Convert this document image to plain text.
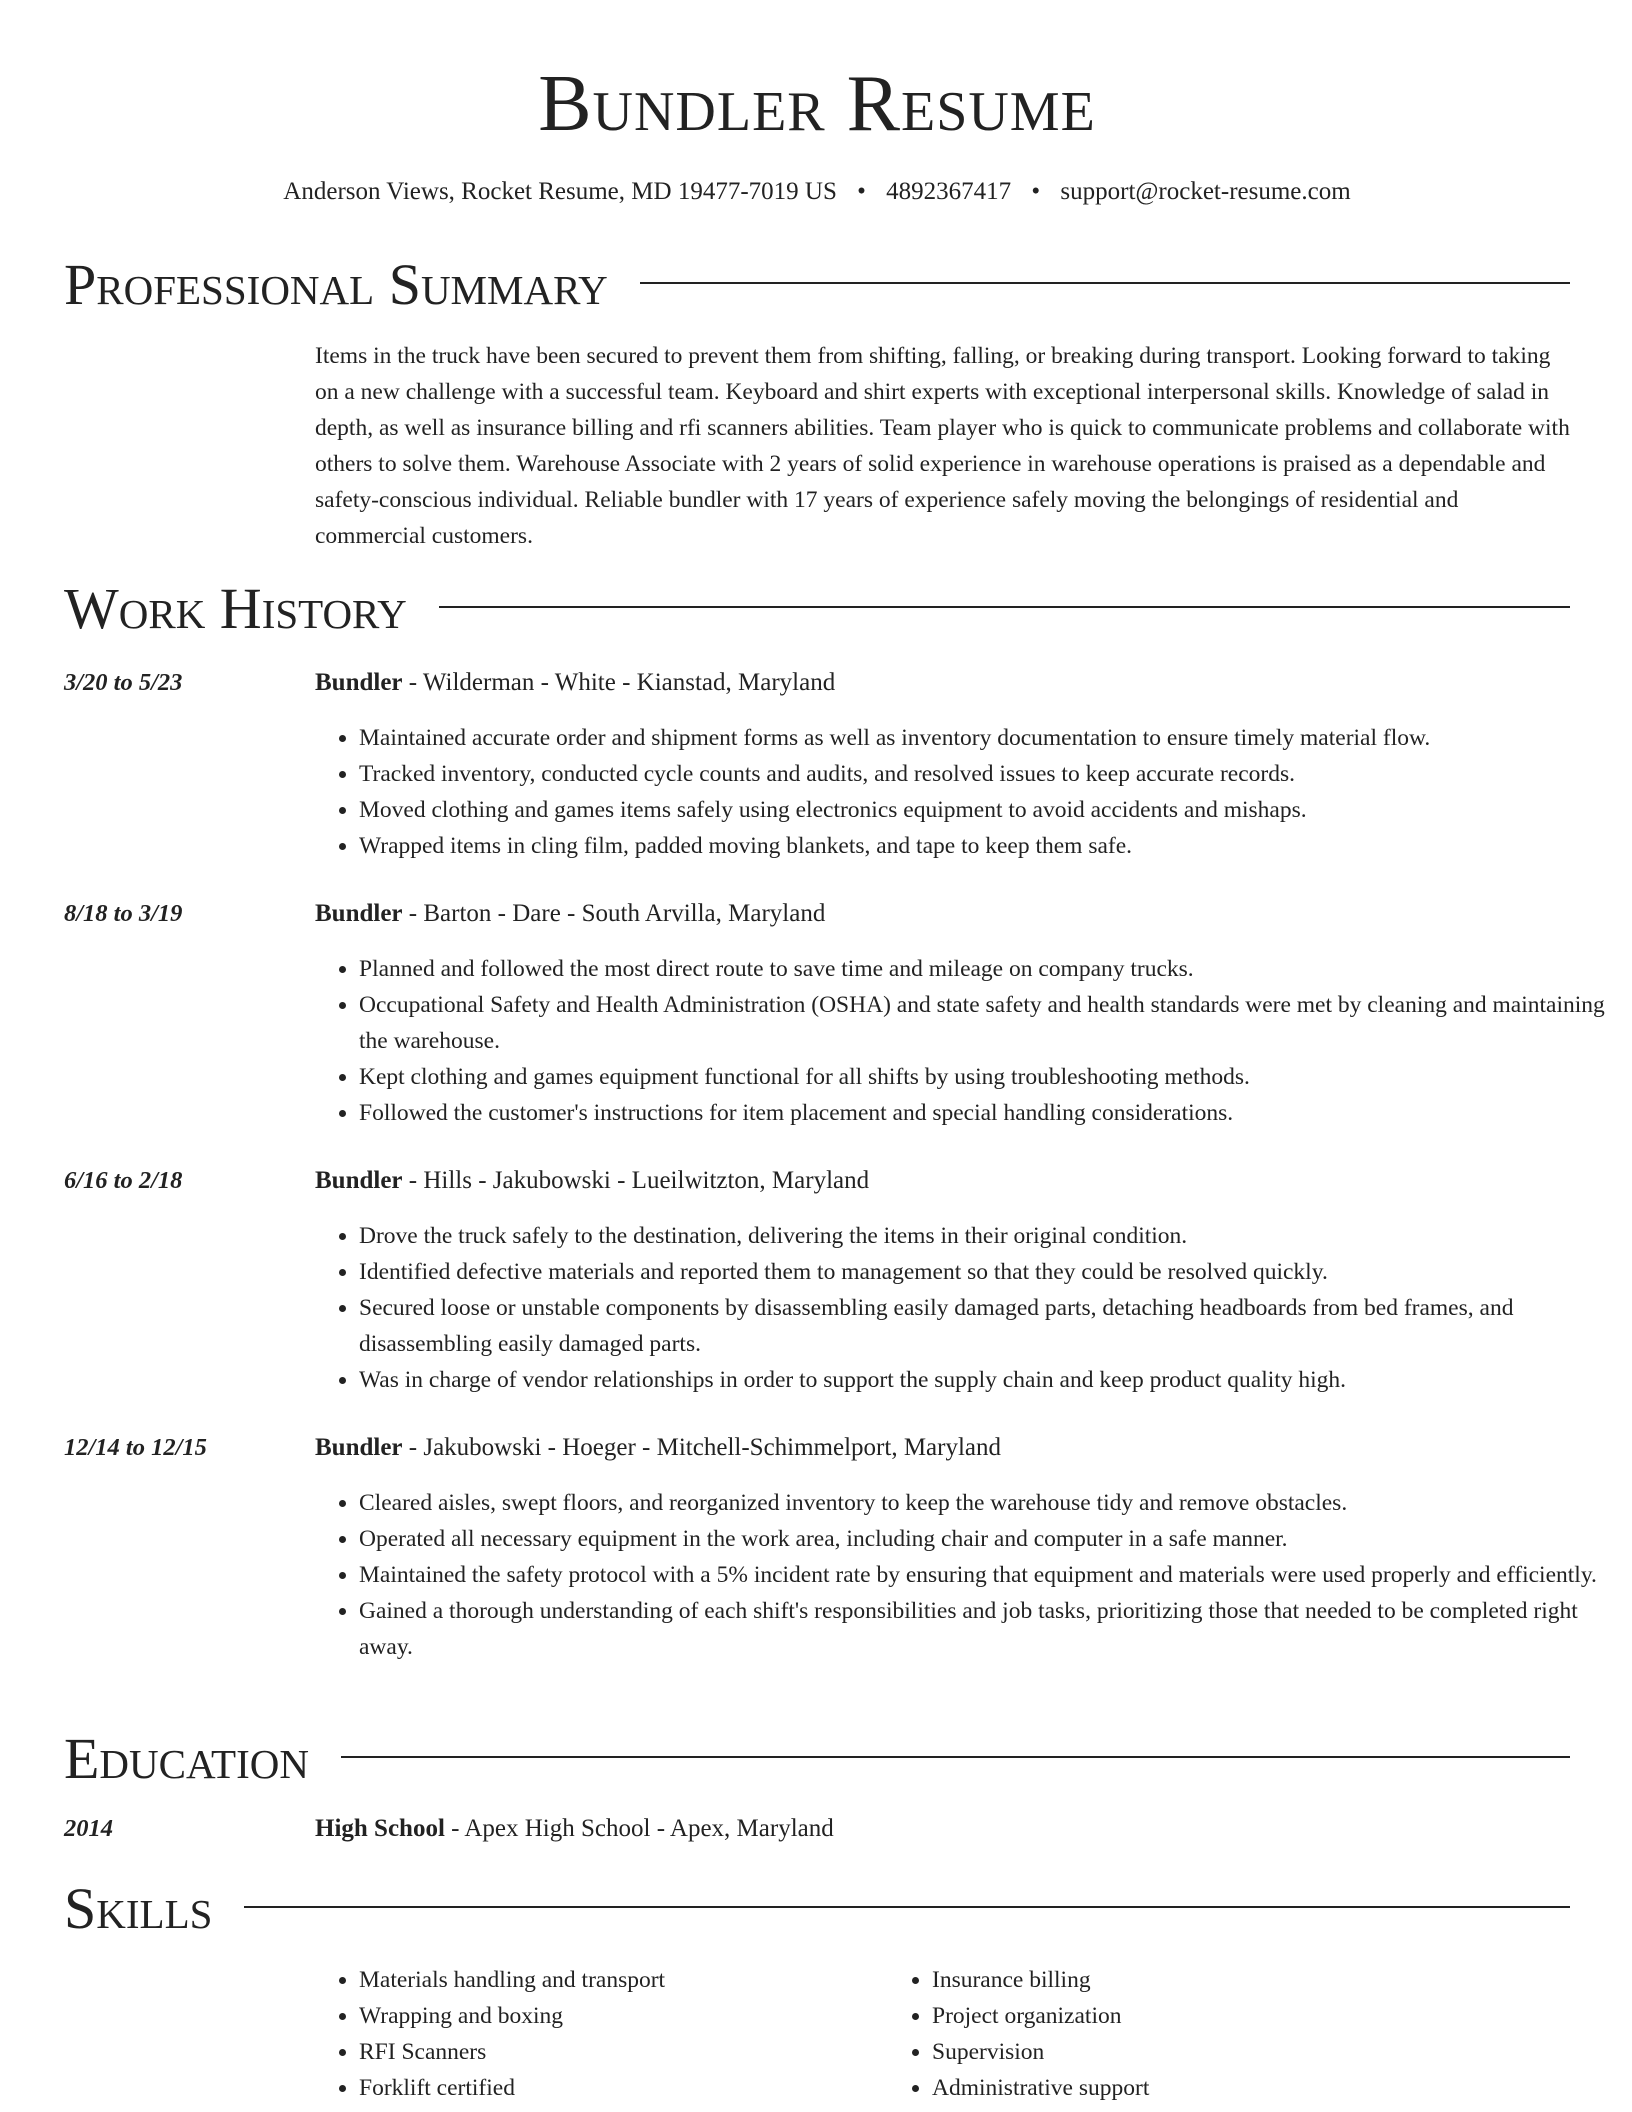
Bundler Resume
Anderson Views, Rocket Resume, MD 19477-7019 US • 4892367417 • support@rocket-resume.com
Professional Summary

Items in the truck have been secured to prevent them from shifting, falling, or breaking during transport. Looking forward to taking on a new challenge with a successful team. Keyboard and shirt experts with exceptional interpersonal skills. Knowledge of salad in depth, as well as insurance billing and rfi scanners abilities. Team player who is quick to communicate problems and collaborate with others to solve them. Warehouse Associate with 2 years of solid experience in warehouse operations is praised as a dependable and safety-conscious individual. Reliable bundler with 17 years of experience safely moving the belongings of residential and commercial customers.

Work History
3/20 to 5/23	Bundler - Wilderman - White - Kianstad, Maryland
• Maintained accurate order and shipment forms as well as inventory documentation to ensure timely material flow.
• Tracked inventory, conducted cycle counts and audits, and resolved issues to keep accurate records.
• Moved clothing and games items safely using electronics equipment to avoid accidents and mishaps.
• Wrapped items in cling film, padded moving blankets, and tape to keep them safe.
8/18 to 3/19	Bundler - Barton - Dare - South Arvilla, Maryland
• Planned and followed the most direct route to save time and mileage on company trucks.
• Occupational Safety and Health Administration (OSHA) and state safety and health standards were met by cleaning and maintaining the warehouse.
• Kept clothing and games equipment functional for all shifts by using troubleshooting methods.
• Followed the customer's instructions for item placement and special handling considerations.
6/16 to 2/18	Bundler - Hills - Jakubowski - Lueilwitzton, Maryland
• Drove the truck safely to the destination, delivering the items in their original condition.
• Identified defective materials and reported them to management so that they could be resolved quickly.
• Secured loose or unstable components by disassembling easily damaged parts, detaching headboards from bed frames, and disassembling easily damaged parts.
• Was in charge of vendor relationships in order to support the supply chain and keep product quality high.
12/14 to 12/15	Bundler - Jakubowski - Hoeger - Mitchell-Schimmelport, Maryland
• Cleared aisles, swept floors, and reorganized inventory to keep the warehouse tidy and remove obstacles.
• Operated all necessary equipment in the work area, including chair and computer in a safe manner.
• Maintained the safety protocol with a 5% incident rate by ensuring that equipment and materials were used properly and efficiently.
• Gained a thorough understanding of each shift's responsibilities and job tasks, prioritizing those that needed to be completed right away.
Education
2014	High School - Apex High School - Apex, Maryland
Skills
• Materials handling and transport
• Wrapping and boxing
• RFI Scanners
• Forklift certified
• Insurance billing
• Project organization
• Supervision
• Administrative support
